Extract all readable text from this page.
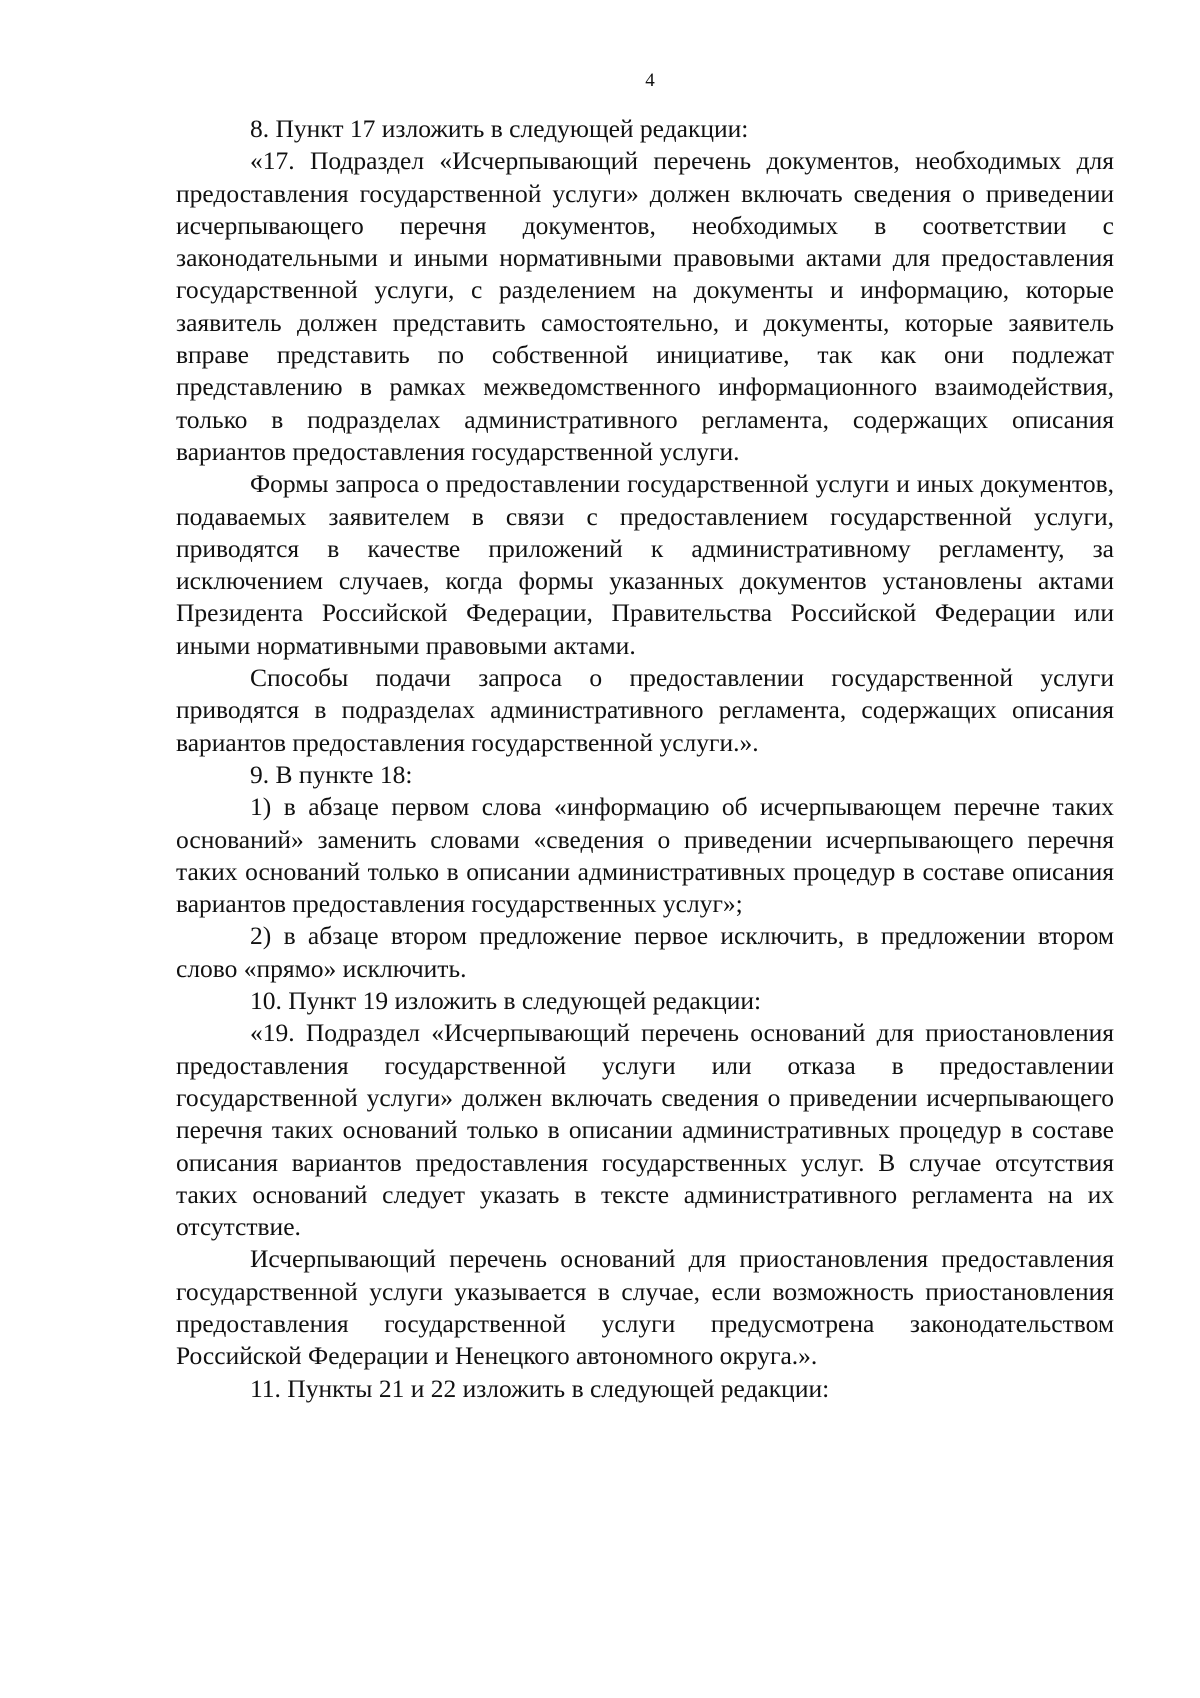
4

8. Пункт 17 изложить в следующей редакции:

«17. Подраздел «Исчерпывающий перечень документов, необходимых для предоставления государственной услуги» должен включать сведения о приведении исчерпывающего перечня документов, необходимых в соответствии с законодательными и иными нормативными правовыми актами для предоставления государственной услуги, с разделением на документы и информацию, которые заявитель должен представить самостоятельно, и документы, которые заявитель вправе представить по собственной инициативе, так как они подлежат представлению в рамках межведомственного информационного взаимодействия, только в подразделах административного регламента, содержащих описания вариантов предоставления государственной услуги.

Формы запроса о предоставлении государственной услуги и иных документов, подаваемых заявителем в связи с предоставлением государственной услуги, приводятся в качестве приложений к административному регламенту, за исключением случаев, когда формы указанных документов установлены актами Президента Российской Федерации, Правительства Российской Федерации или иными нормативными правовыми актами.

Способы подачи запроса о предоставлении государственной услуги приводятся в подразделах административного регламента, содержащих описания вариантов предоставления государственной услуги.».

9. В пункте 18:

1) в абзаце первом слова «информацию об исчерпывающем перечне таких оснований» заменить словами «сведения о приведении исчерпывающего перечня таких оснований только в описании административных процедур в составе описания вариантов предоставления государственных услуг»;

2) в абзаце втором предложение первое исключить, в предложении втором слово «прямо» исключить.

10. Пункт 19 изложить в следующей редакции:

«19. Подраздел «Исчерпывающий перечень оснований для приостановления предоставления государственной услуги или отказа в предоставлении государственной услуги» должен включать сведения о приведении исчерпывающего перечня таких оснований только в описании административных процедур в составе описания вариантов предоставления государственных услуг. В случае отсутствия таких оснований следует указать в тексте административного регламента на их отсутствие.

Исчерпывающий перечень оснований для приостановления предоставления государственной услуги указывается в случае, если возможность приостановления предоставления государственной услуги предусмотрена законодательством Российской Федерации и Ненецкого автономного округа.».

11. Пункты 21 и 22 изложить в следующей редакции:
